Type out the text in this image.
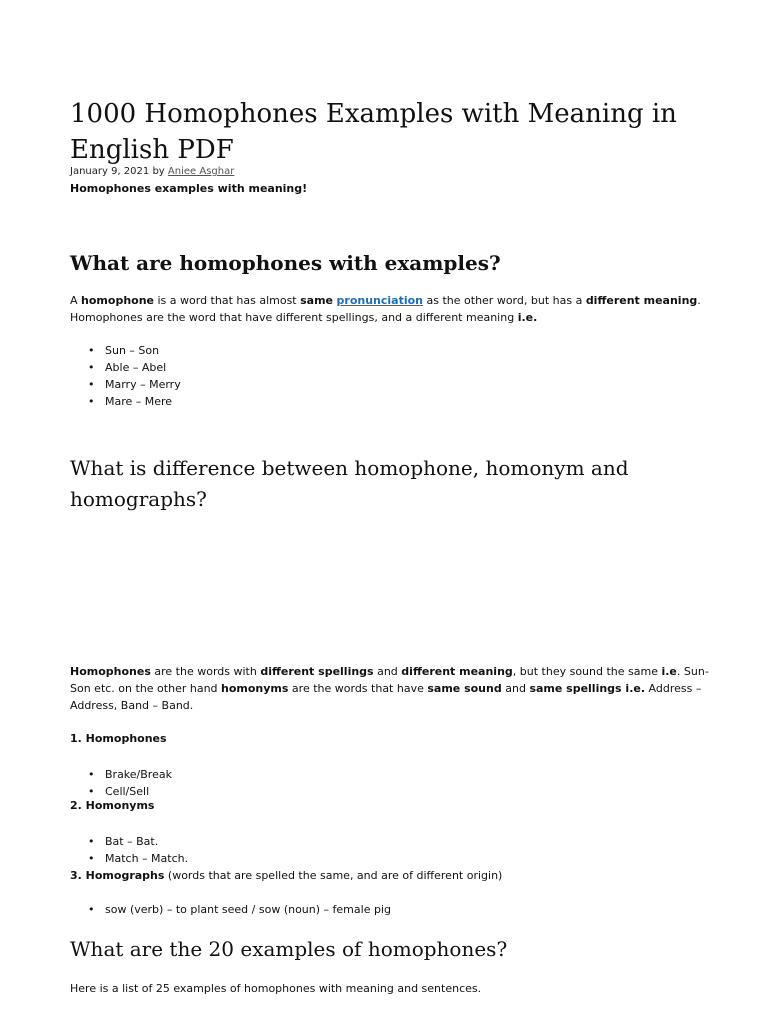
1000 Homophones Examples with Meaning in English PDF
January 9, 2021 by Aniee Asghar
Homophones examples with meaning!
What are homophones with examples?

A homophone is a word that has almost same pronunciation as the other word, but has a different meaning. Homophones are the word that have different spellings, and a different meaning i.e.

• Sun – Son
• Able – Abel
• Marry – Merry
• Mare – Mere
What is difference between homophone, homonym and homographs?

Homophones are the words with different spellings and different meaning, but they sound the same i.e. Sun-Son etc. on the other hand homonyms are the words that have same sound and same spellings i.e. Address – Address, Band – Band.

1. Homophones
• Brake/Break
• Cell/Sell
2. Homonyms
• Bat – Bat.
• Match – Match.
3. Homographs (words that are spelled the same, and are of different origin)
• sow (verb) – to plant seed / sow (noun) – female pig
What are the 20 examples of homophones?

Here is a list of 25 examples of homophones with meaning and sentences.
